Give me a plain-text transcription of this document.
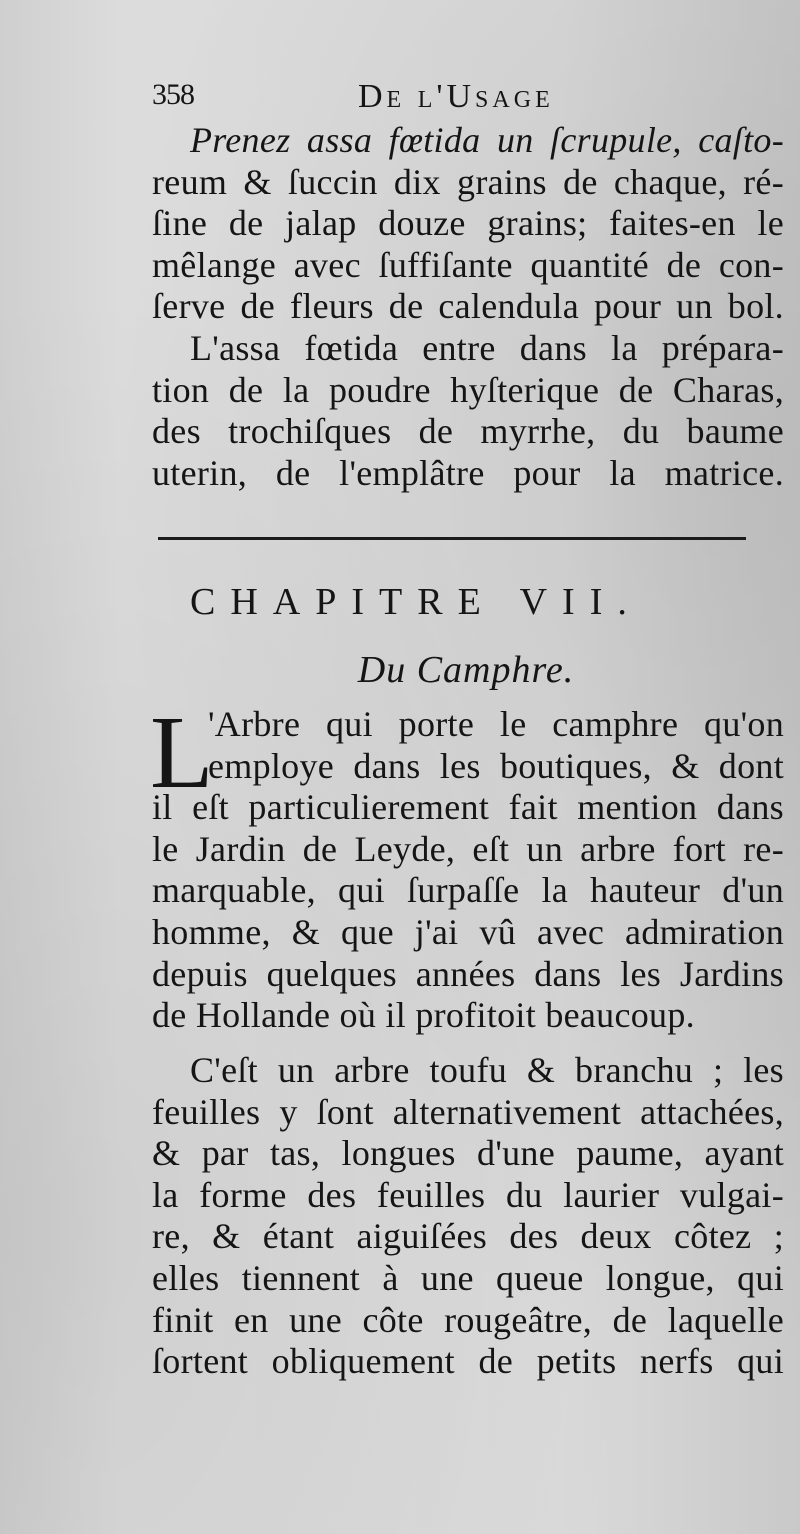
358	De l'Usage
Prenez assa fœtida un ſcrupule, caſto-
reum & ſuccin dix grains de chaque, ré-
ſine de jalap douze grains; faites-en le
mêlange avec ſuffiſante quantité de con-
ſerve de fleurs de calendula pour un bol.
L'assa fœtida entre dans la prépara-
tion de la poudre hyſterique de Charas,
des trochiſques de myrrhe, du baume
uterin, de l'emplâtre pour la matrice.
CHAPITRE VII.
Du Camphre.
L
'Arbre qui porte le camphre qu'on
employe dans les boutiques, & dont
il eſt particulierement fait mention dans
le Jardin de Leyde, eſt un arbre fort re-
marquable, qui ſurpaſſe la hauteur d'un
homme, & que j'ai vû avec admiration
depuis quelques années dans les Jardins
de Hollande où il profitoit beaucoup.
C'eſt un arbre toufu & branchu ; les
feuilles y ſont alternativement attachées,
& par tas, longues d'une paume, ayant
la forme des feuilles du laurier vulgai-
re, & étant aiguiſées des deux côtez ;
elles tiennent à une queue longue, qui
finit en une côte rougeâtre, de laquelle
ſortent obliquement de petits nerfs qui
